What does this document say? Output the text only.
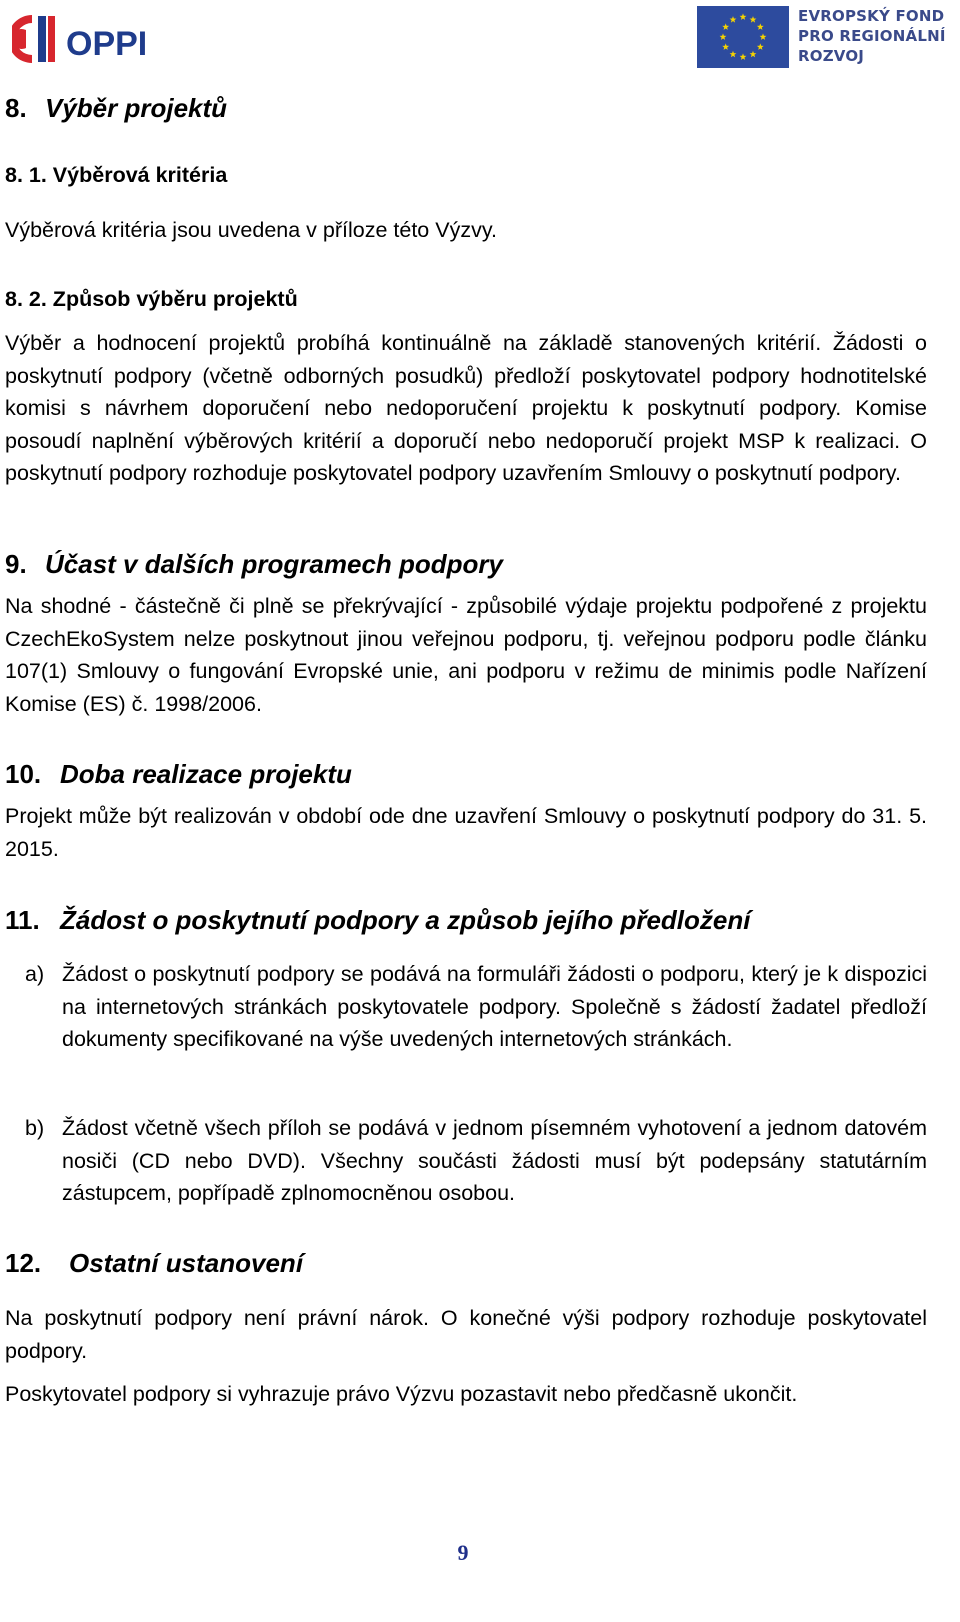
OPPI
EVROPSKÝ FOND
PRO REGIONÁLNÍ
ROZVOJ
8. Výběr projektů
8. 1. Výběrová kritéria

Výběrová kritéria jsou uvedena v příloze této Výzvy.

8. 2. Způsob výběru projektů

Výběr a hodnocení projektů probíhá kontinuálně na základě stanovených kritérií. Žádosti o poskytnutí podpory (včetně odborných posudků) předloží poskytovatel podpory hodnotitelské komisi s návrhem doporučení nebo nedoporučení projektu k poskytnutí podpory. Komise posoudí naplnění výběrových kritérií a doporučí nebo nedoporučí projekt MSP k realizaci. O poskytnutí podpory rozhoduje poskytovatel podpory uzavřením Smlouvy o poskytnutí podpory.

9. Účast v dalších programech podpory

Na shodné - částečně či plně se překrývající - způsobilé výdaje projektu podpořené z projektu CzechEkoSystem nelze poskytnout jinou veřejnou podporu, tj. veřejnou podporu podle článku 107(1) Smlouvy o fungování Evropské unie, ani podporu v režimu de minimis podle Nařízení Komise (ES) č. 1998/2006.

10. Doba realizace projektu

Projekt může být realizován v období ode dne uzavření Smlouvy o poskytnutí podpory do 31. 5. 2015.

11. Žádost o poskytnutí podpory a způsob jejího předložení
a) Žádost o poskytnutí podpory se podává na formuláři žádosti o podporu, který je k dispozici na internetových stránkách poskytovatele podpory. Společně s žádostí žadatel předloží dokumenty specifikované na výše uvedených internetových stránkách.

b) Žádost včetně všech příloh se podává v jednom písemném vyhotovení a jednom datovém nosiči (CD nebo DVD). Všechny součásti žádosti musí být podepsány statutárním zástupcem, popřípadě zplnomocněnou osobou.

12. Ostatní ustanovení

Na poskytnutí podpory není právní nárok. O konečné výši podpory rozhoduje poskytovatel podpory.

Poskytovatel podpory si vyhrazuje právo Výzvu pozastavit nebo předčasně ukončit.

9
